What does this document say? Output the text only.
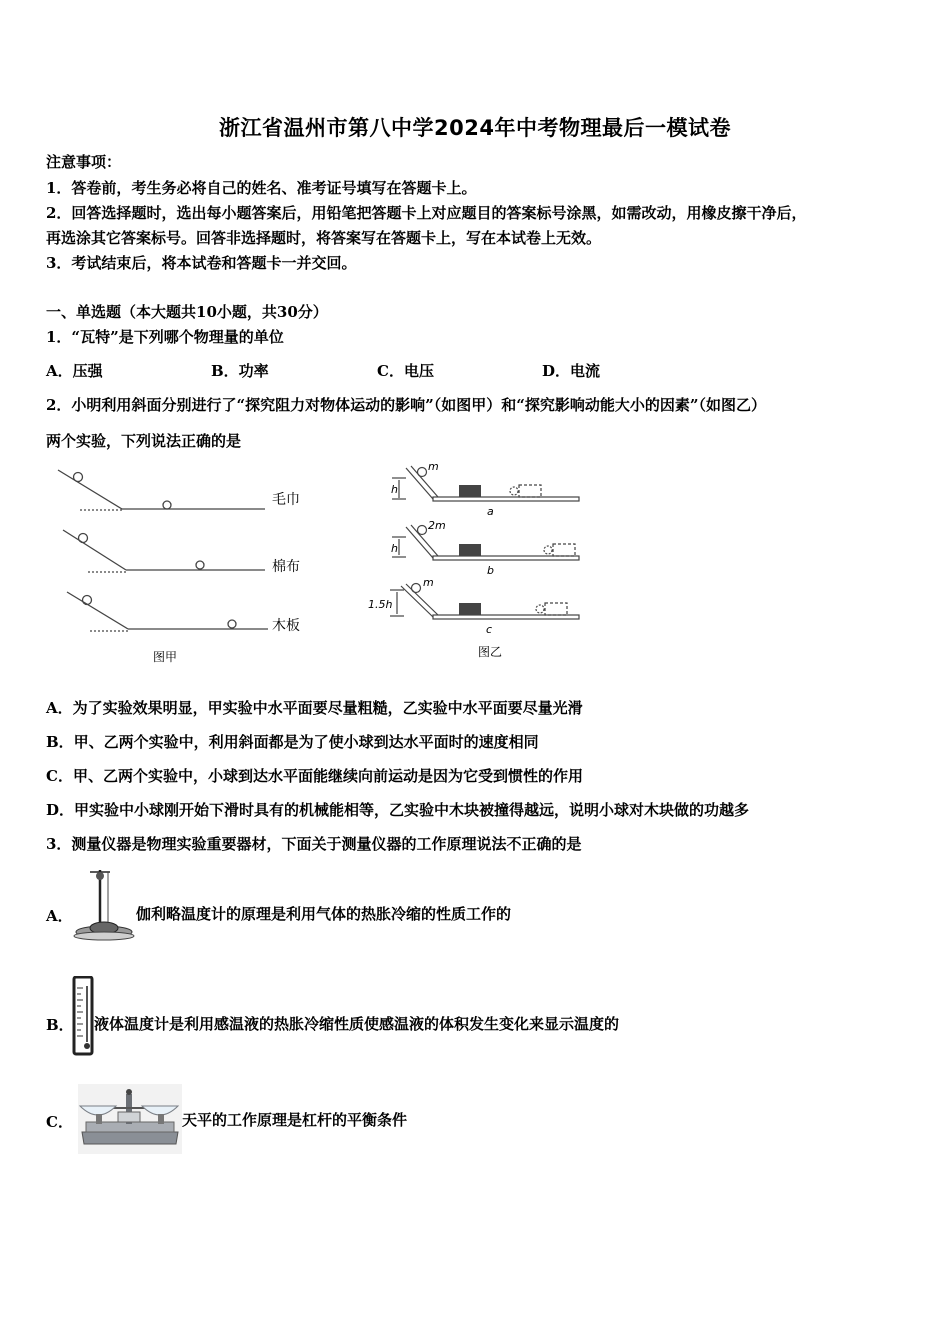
浙江省温州市第八中学2024年中考物理最后一模试卷
注意事项：
1．答卷前，考生务必将自己的姓名、准考证号填写在答题卡上。
2．回答选择题时，选出每小题答案后，用铅笔把答题卡上对应题目的答案标号涂黑，如需改动，用橡皮擦干净后，
再选涂其它答案标号。回答非选择题时，将答案写在答题卡上，写在本试卷上无效。
3．考试结束后，将本试卷和答题卡一并交回。
一、单选题（本大题共10小题，共30分）
1．“瓦特”是下列哪个物理量的单位
A．压强	B．功率	C．电压	D．电流
2．小明利用斜面分别进行了“探究阻力对物体运动的影响”（如图甲）和“探究影响动能大小的因素”（如图乙）
两个实验，下列说法正确的是
毛巾
棉布
木板
图甲
m
2m
m
h
h
1.5h
a
b
c
图乙
A．为了实验效果明显，甲实验中水平面要尽量粗糙，乙实验中水平面要尽量光滑
B．甲、乙两个实验中，利用斜面都是为了使小球到达水平面时的速度相同
C．甲、乙两个实验中，小球到达水平面能继续向前运动是因为它受到惯性的作用
D．甲实验中小球刚开始下滑时具有的机械能相等，乙实验中木块被撞得越远，说明小球对木块做的功越多
3．测量仪器是物理实验重要器材，下面关于测量仪器的工作原理说法不正确的是
A．	伽利略温度计的原理是利用气体的热胀冷缩的性质工作的
B． 液体温度计是利用感温液的热胀冷缩性质使感温液的体积发生变化来显示温度的
C．	天平的工作原理是杠杆的平衡条件
